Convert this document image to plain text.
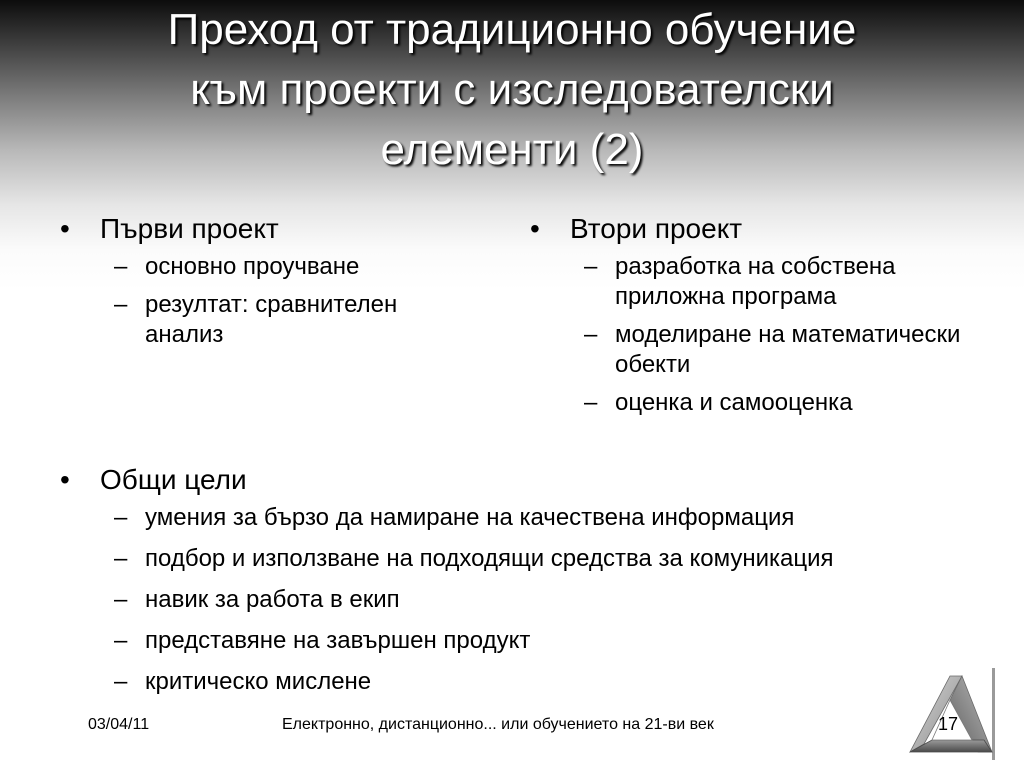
Преход от традиционно обучение
към проекти с изследователски
елементи (2)
•	Първи проект
– основно проучване
– резултат: сравнителен анализ
•	Втори проект
– разработка на собствена приложна програма
– моделиране на математически обекти
– оценка и самооценка
•	Общи цели
– умения за бързо да намиране на качествена информация
– подбор и използване на подходящи средства за комуникация
– навик за работа в екип
– представяне на завършен продукт
– критическо мислене
03/04/11	Електронно, дистанционно... или обучението на 21-ви век	17
